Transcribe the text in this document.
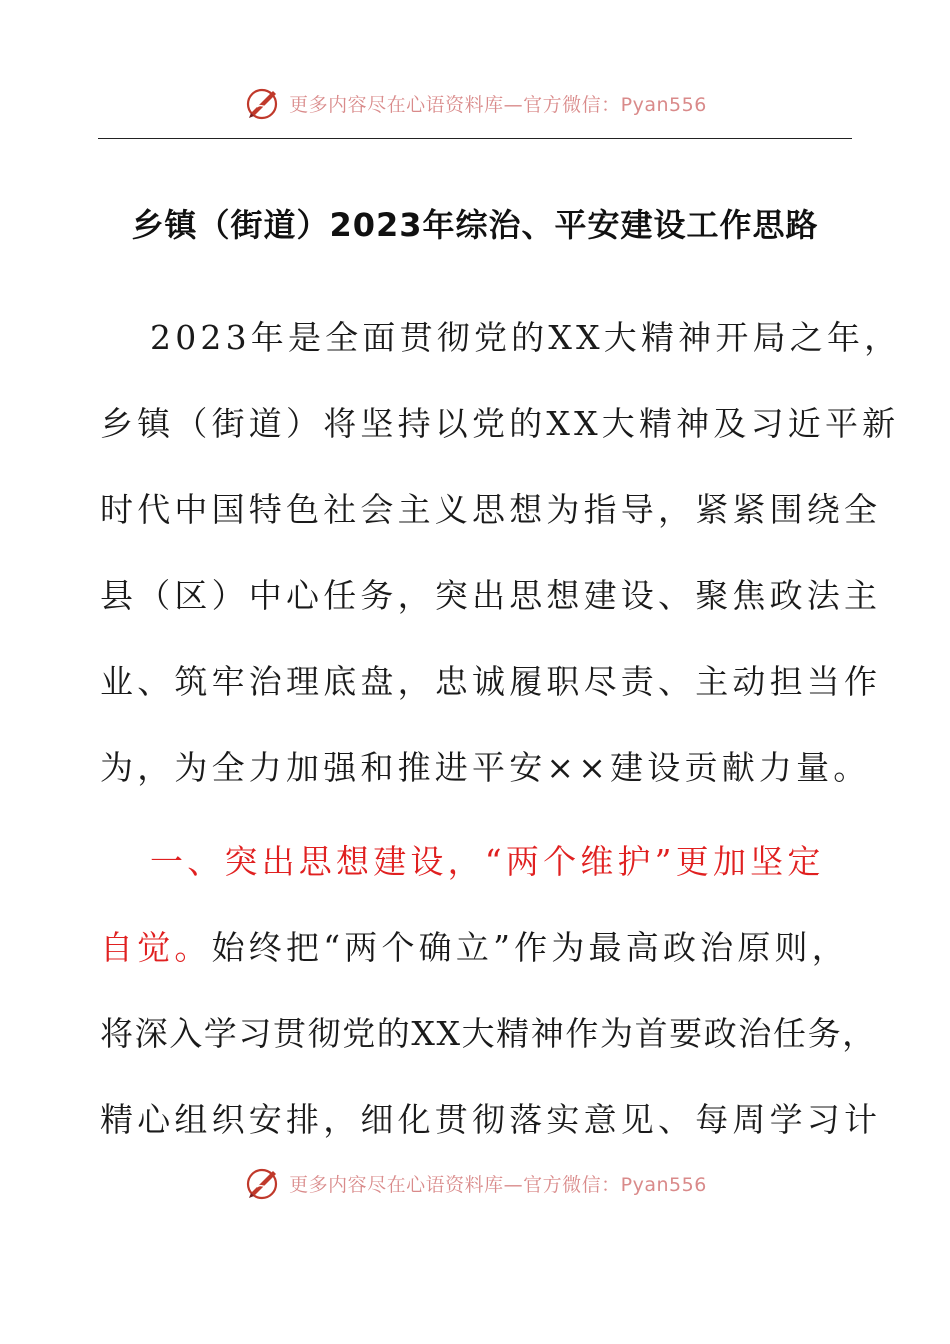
更多内容尽在心语资料库—官方微信：Pyan556
乡镇（街道）2023年综治、平安建设工作思路
2023年是全面贯彻党的XX大精神开局之年，
乡镇（街道）将坚持以党的XX大精神及习近平新
时代中国特色社会主义思想为指导，紧紧围绕全
县（区）中心任务，突出思想建设、聚焦政法主
业、筑牢治理底盘，忠诚履职尽责、主动担当作
为，为全力加强和推进平安××建设贡献力量。
一、突出思想建设，“两个维护”更加坚定
自觉。始终把“两个确立”作为最高政治原则，
将深入学习贯彻党的XX大精神作为首要政治任务，
精心组织安排，细化贯彻落实意见、每周学习计
更多内容尽在心语资料库—官方微信：Pyan556
